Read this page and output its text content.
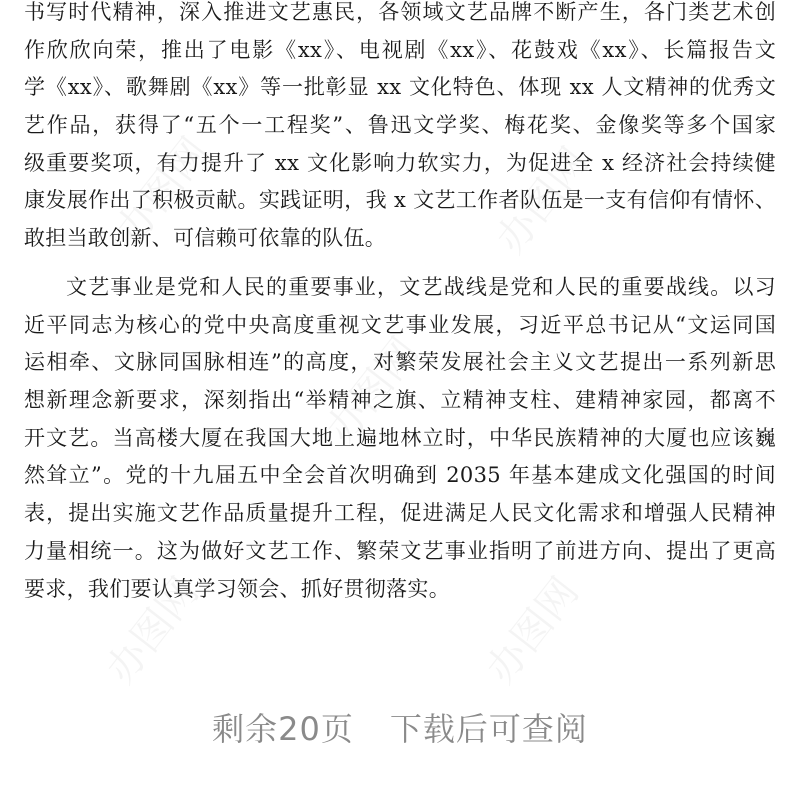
书写时代精神，深入推进文艺惠民，各领域文艺品牌不断产生，各门类艺术创
作欣欣向荣，推出了电影《xx》、电视剧《xx》、花鼓戏《xx》、长篇报告文
学《xx》、歌舞剧《xx》等一批彰显 xx 文化特色、体现 xx 人文精神的优秀文
艺作品，获得了“五个一工程奖”、鲁迅文学奖、梅花奖、金像奖等多个国家
级重要奖项，有力提升了 xx 文化影响力软实力，为促进全 x 经济社会持续健
康发展作出了积极贡献。实践证明，我 x 文艺工作者队伍是一支有信仰有情怀、
敢担当敢创新、可信赖可依靠的队伍。
文艺事业是党和人民的重要事业，文艺战线是党和人民的重要战线。以习
近平同志为核心的党中央高度重视文艺事业发展，习近平总书记从“文运同国
运相牵、文脉同国脉相连”的高度，对繁荣发展社会主义文艺提出一系列新思
想新理念新要求，深刻指出“举精神之旗、立精神支柱、建精神家园，都离不
开文艺。当高楼大厦在我国大地上遍地林立时，中华民族精神的大厦也应该巍
然耸立”。党的十九届五中全会首次明确到 2035 年基本建成文化强国的时间
表，提出实施文艺作品质量提升工程，促进满足人民文化需求和增强人民精神
力量相统一。这为做好文艺工作、繁荣文艺事业指明了前进方向、提出了更高
要求，我们要认真学习领会、抓好贯彻落实。
剩余20页 下载后可查阅
